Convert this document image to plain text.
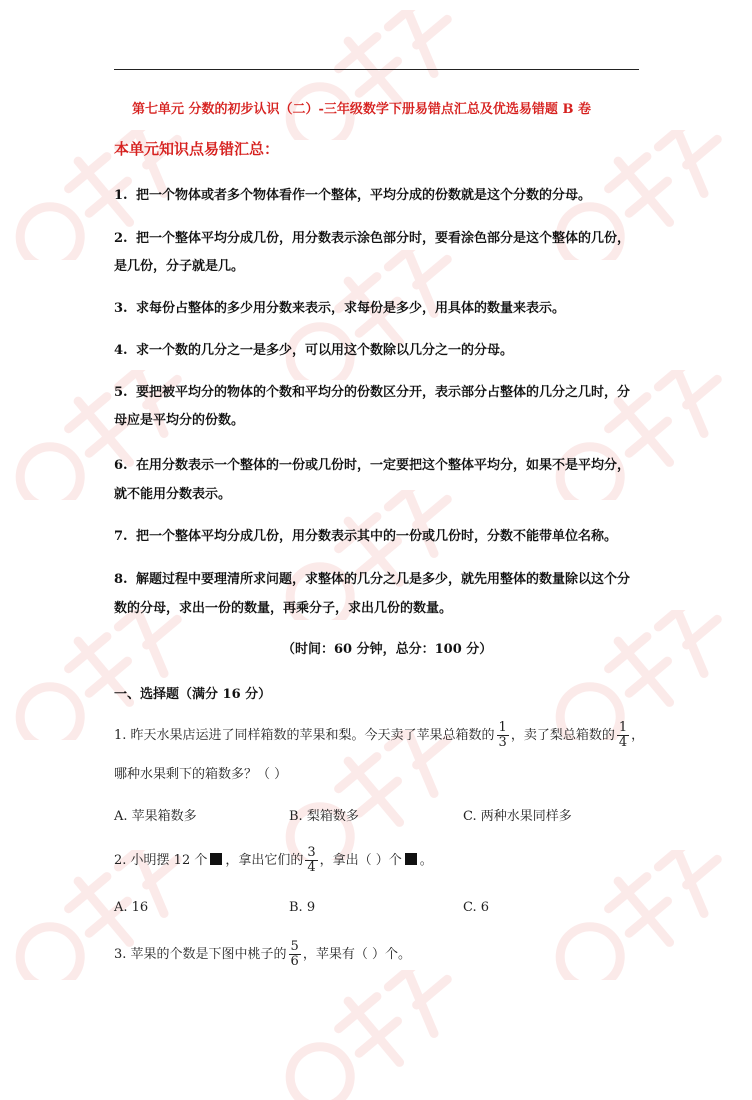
第七单元 分数的初步认识（二）-三年级数学下册易错点汇总及优选易错题 B 卷
本单元知识点易错汇总：
1. 把一个物体或者多个物体看作一个整体，平均分成的份数就是这个分数的分母。
2. 把一个整体平均分成几份，用分数表示涂色部分时，要看涂色部分是这个整体的几份，
是几份，分子就是几。
3. 求每份占整体的多少用分数来表示，求每份是多少，用具体的数量来表示。
4. 求一个数的几分之一是多少，可以用这个数除以几分之一的分母。
5. 要把被平均分的物体的个数和平均分的份数区分开，表示部分占整体的几分之几时，分
母应是平均分的份数。
6. 在用分数表示一个整体的一份或几份时，一定要把这个整体平均分，如果不是平均分，
就不能用分数表示。
7. 把一个整体平均分成几份，用分数表示其中的一份或几份时，分数不能带单位名称。
8. 解题过程中要理清所求问题，求整体的几分之几是多少，就先用整体的数量除以这个分
数的分母，求出一份的数量，再乘分子，求出几份的数量。
（时间：60 分钟，总分：100 分）
一、选择题（满分 16 分）
1. 昨天水果店运进了同样箱数的苹果和梨。今天卖了苹果总箱数的 $\frac{1}{3}$ ，卖了梨总箱数的 $\frac{1}{4}$ ，
哪种水果剩下的箱数多？（ ）
A. 苹果箱数多	B. 梨箱数多	C. 两种水果同样多
2. 小明摆 12 个 ，拿出它们的 $\frac{3}{4}$ ，拿出（ ）个 。
A. 16	B. 9	C. 6
3. 苹果的个数是下图中桃子的 $\frac{5}{6}$ ，苹果有（ ）个。
